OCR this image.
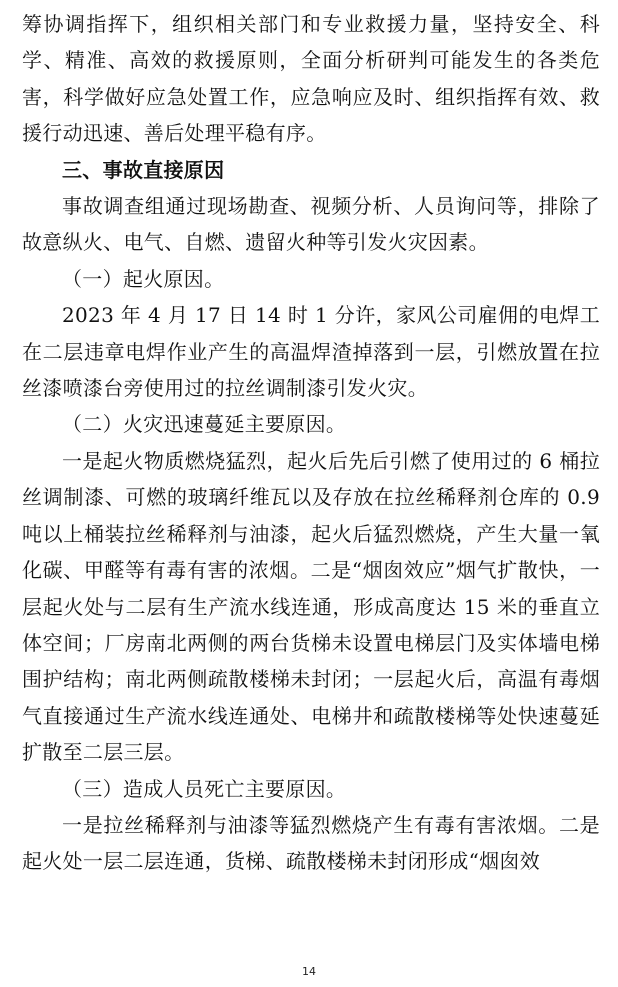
筹协调指挥下，组织相关部门和专业救援力量，坚持安全、科学、精准、高效的救援原则，全面分析研判可能发生的各类危害，科学做好应急处置工作，应急响应及时、组织指挥有效、救援行动迅速、善后处理平稳有序。

三、事故直接原因

事故调查组通过现场勘查、视频分析、人员询问等，排除了故意纵火、电气、自燃、遗留火种等引发火灾因素。

（一）起火原因。

2023 年 4 月 17 日 14 时 1 分许，家风公司雇佣的电焊工在二层违章电焊作业产生的高温焊渣掉落到一层，引燃放置在拉丝漆喷漆台旁使用过的拉丝调制漆引发火灾。

（二）火灾迅速蔓延主要原因。

一是起火物质燃烧猛烈，起火后先后引燃了使用过的 6 桶拉丝调制漆、可燃的玻璃纤维瓦以及存放在拉丝稀释剂仓库的 0.9 吨以上桶装拉丝稀释剂与油漆，起火后猛烈燃烧，产生大量一氧化碳、甲醛等有毒有害的浓烟。二是“烟囱效应”烟气扩散快，一层起火处与二层有生产流水线连通，形成高度达 15 米的垂直立体空间；厂房南北两侧的两台货梯未设置电梯层门及实体墙电梯围护结构；南北两侧疏散楼梯未封闭；一层起火后，高温有毒烟气直接通过生产流水线连通处、电梯井和疏散楼梯等处快速蔓延扩散至二层三层。

（三）造成人员死亡主要原因。

一是拉丝稀释剂与油漆等猛烈燃烧产生有毒有害浓烟。二是起火处一层二层连通，货梯、疏散楼梯未封闭形成“烟囱效

14
